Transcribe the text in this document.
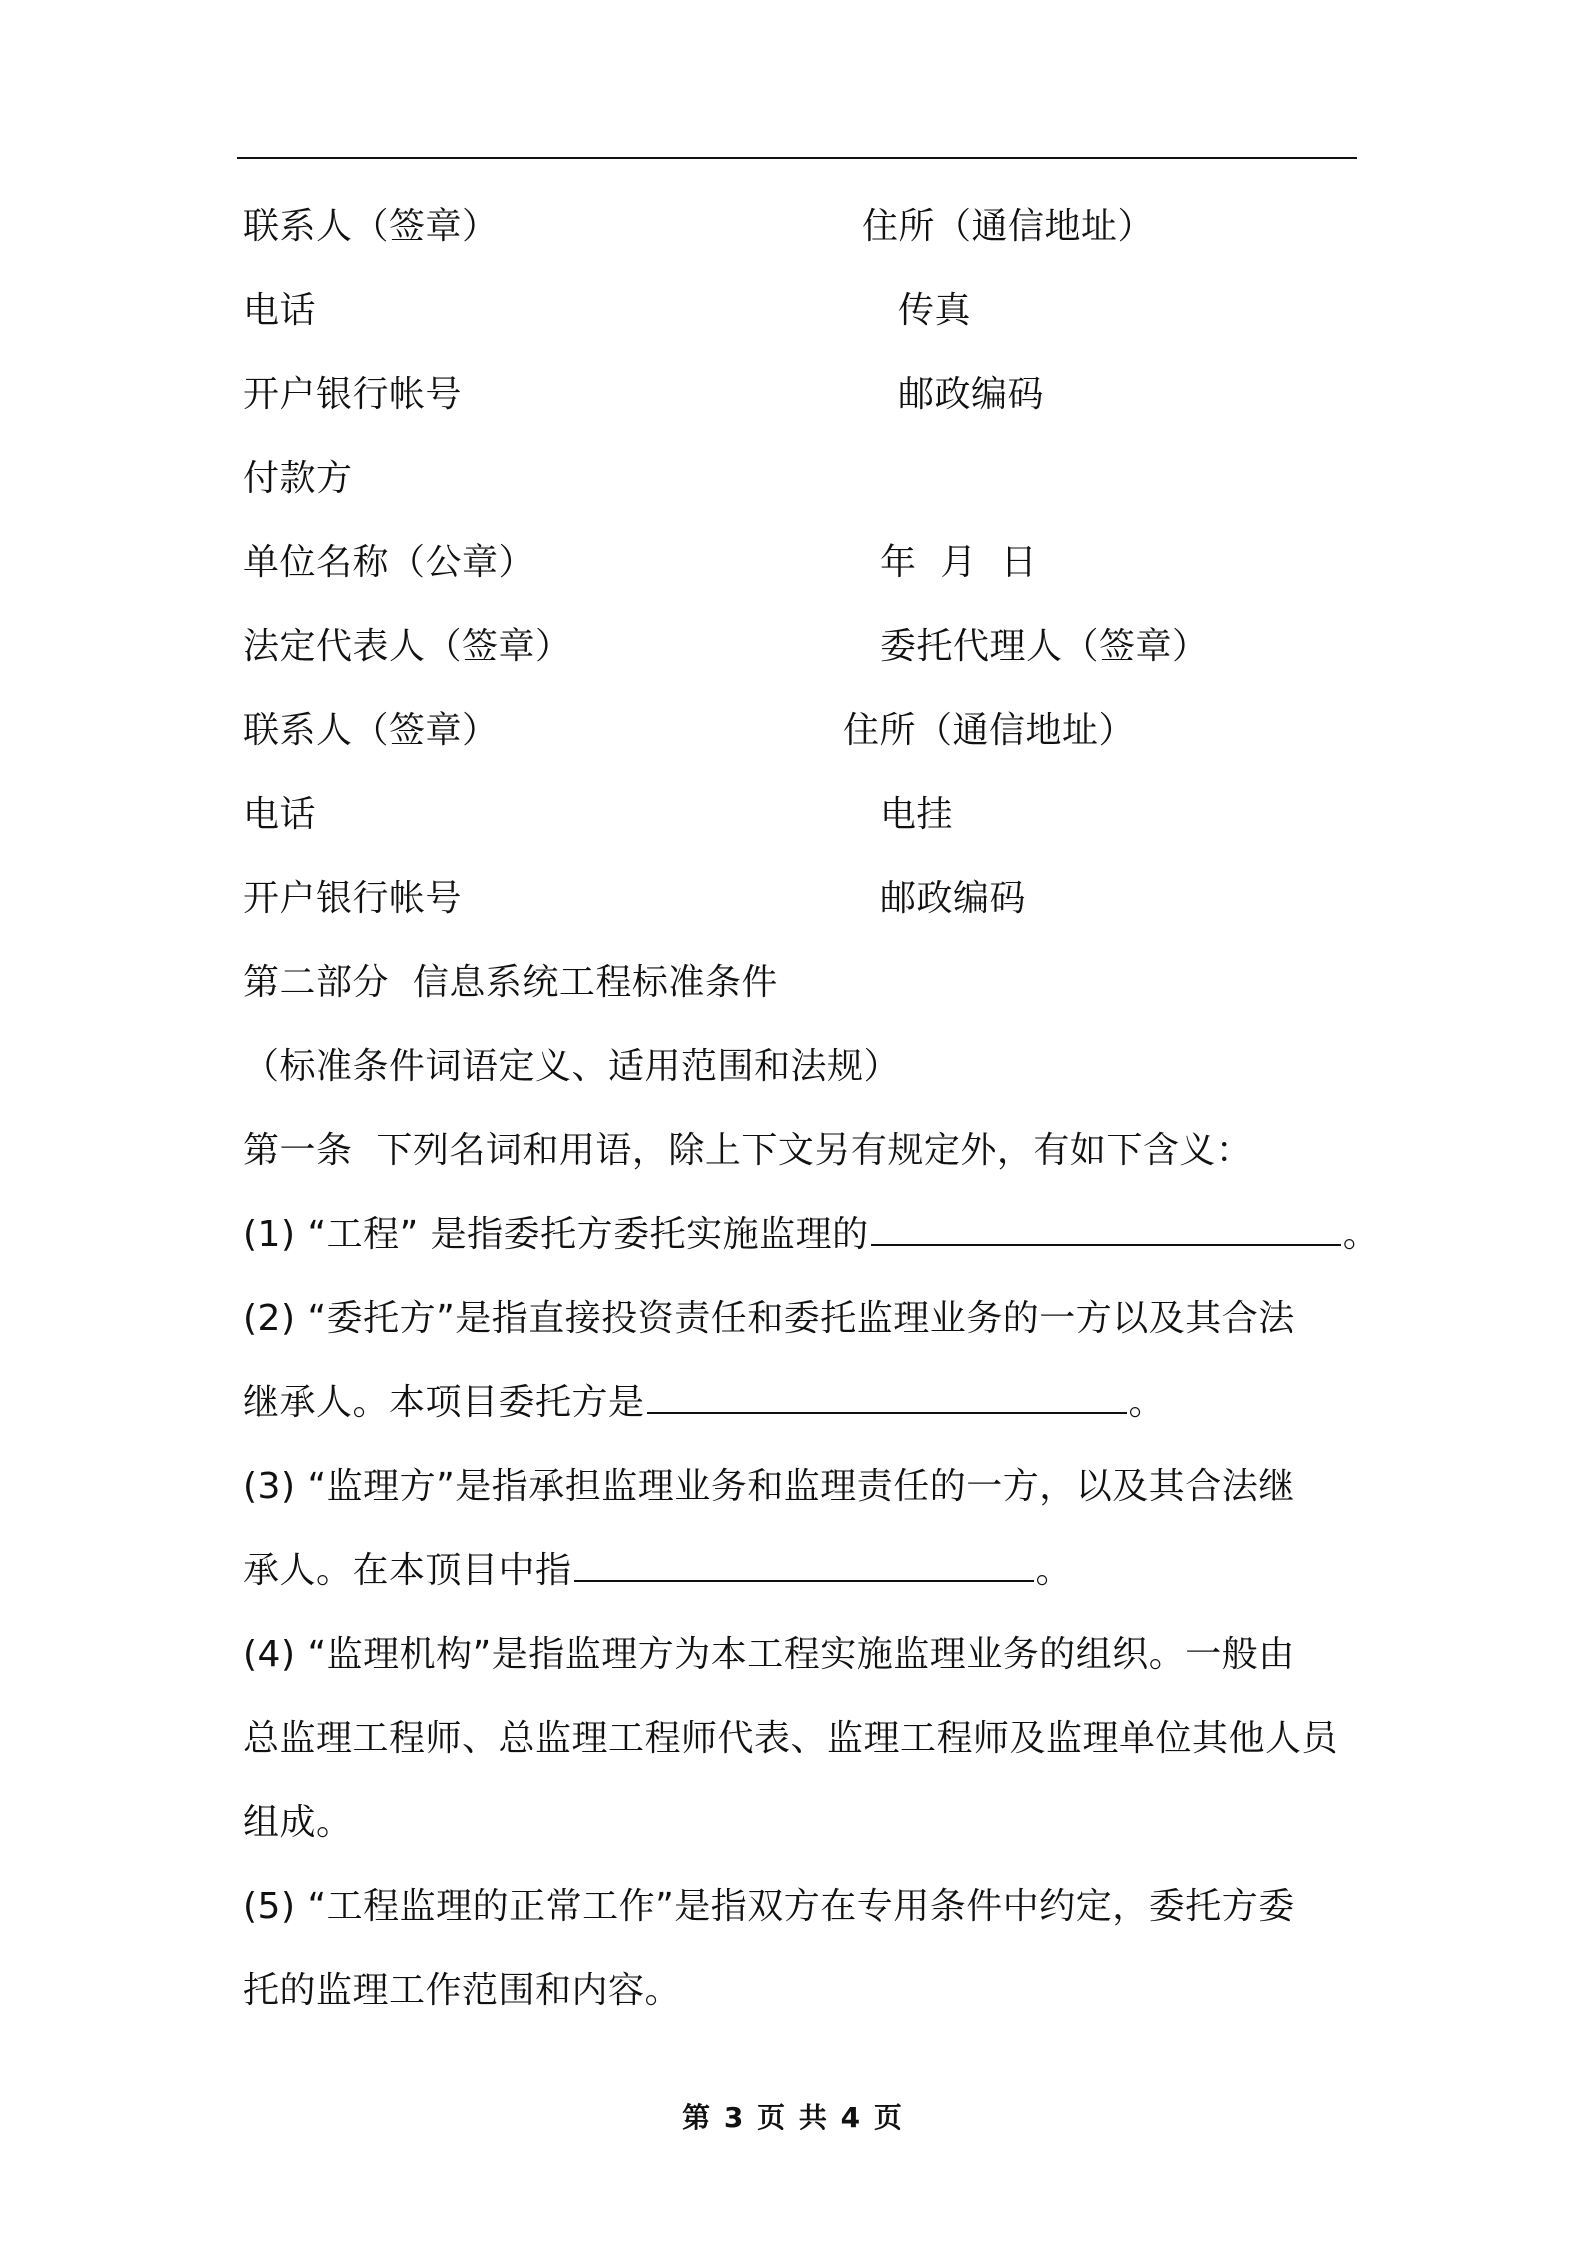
联系人（签章）	住所（通信地址）
电话	传真
开户银行帐号	邮政编码
付款方
单位名称（公章）	年  月  日
法定代表人（签章）	委托代理人（签章）
联系人（签章）	住所（通信地址）
电话	电挂
开户银行帐号	邮政编码
第二部分  信息系统工程标准条件
（标准条件词语定义、适用范围和法规）
第一条  下列名词和用语，除上下文另有规定外，有如下含义：
(1) “工程” 是指委托方委托实施监理的	。
(2) “委托方”是指直接投资责任和委托监理业务的一方以及其合法
继承人。本项目委托方是	。
(3) “监理方”是指承担监理业务和监理责任的一方，以及其合法继
承人。在本顶目中指	。
(4) “监理机构”是指监理方为本工程实施监理业务的组织。一般由
总监理工程师、总监理工程师代表、监理工程师及监理单位其他人员
组成。
(5) “工程监理的正常工作”是指双方在专用条件中约定，委托方委
托的监理工作范围和内容。
第 3 页 共 4 页
